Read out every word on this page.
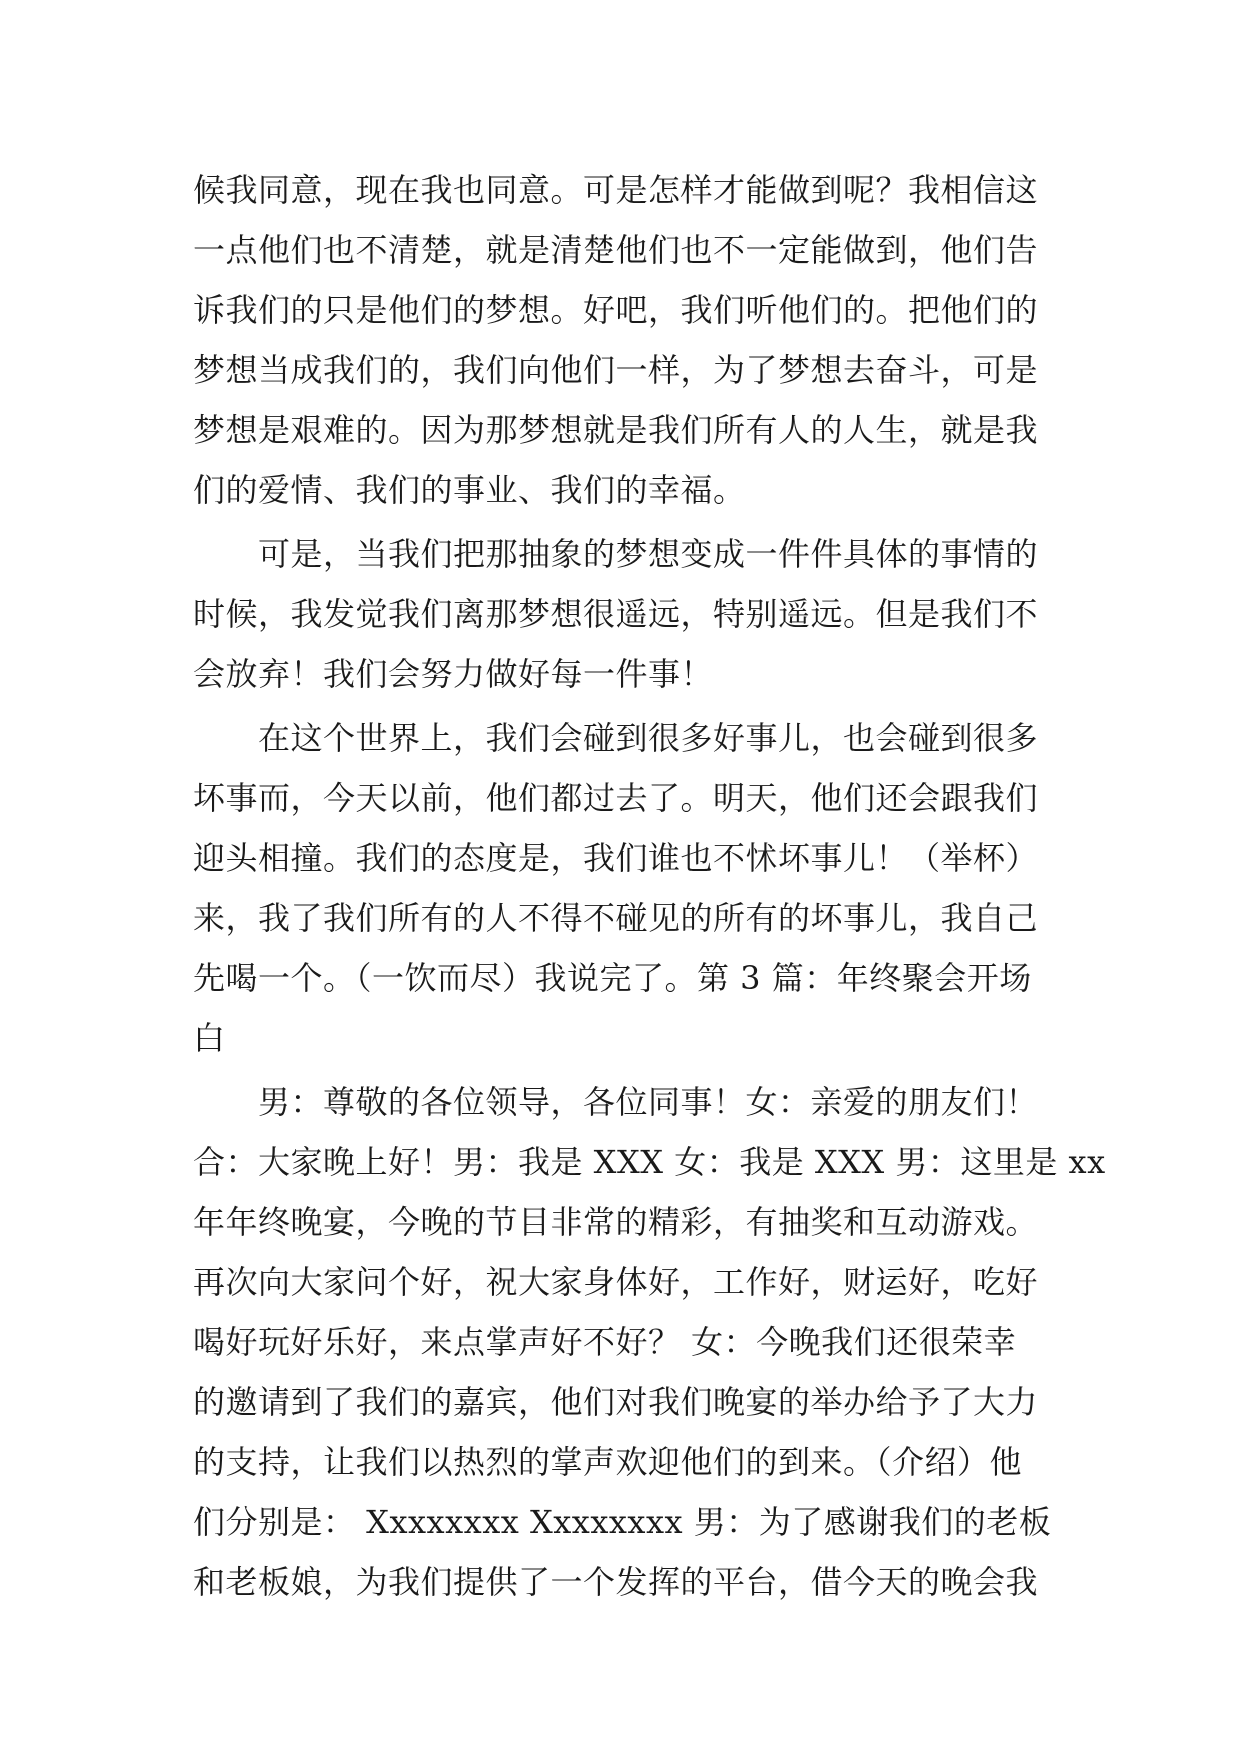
候我同意，现在我也同意。可是怎样才能做到呢？我相信这
一点他们也不清楚，就是清楚他们也不一定能做到，他们告
诉我们的只是他们的梦想。好吧，我们听他们的。把他们的
梦想当成我们的，我们向他们一样，为了梦想去奋斗，可是
梦想是艰难的。因为那梦想就是我们所有人的人生，就是我
们的爱情、我们的事业、我们的幸福。
　　可是，当我们把那抽象的梦想变成一件件具体的事情的
时候，我发觉我们离那梦想很遥远，特别遥远。但是我们不
会放弃！我们会努力做好每一件事！
　　在这个世界上，我们会碰到很多好事儿，也会碰到很多
坏事而，今天以前，他们都过去了。明天，他们还会跟我们
迎头相撞。我们的态度是，我们谁也不怵坏事儿！（举杯）
来，我了我们所有的人不得不碰见的所有的坏事儿，我自己
先喝一个。（一饮而尽）我说完了。第 3 篇：年终聚会开场
白
　　男：尊敬的各位领导，各位同事！女：亲爱的朋友们！
合：大家晚上好！男：我是 XXX 女：我是 XXX 男：这里是 xx
年年终晚宴，今晚的节目非常的精彩，有抽奖和互动游戏。
再次向大家问个好，祝大家身体好，工作好，财运好，吃好
喝好玩好乐好，来点掌声好不好？ 女：今晚我们还很荣幸
的邀请到了我们的嘉宾，他们对我们晚宴的举办给予了大力
的支持，让我们以热烈的掌声欢迎他们的到来。（介绍）他
们分别是： Xxxxxxxx Xxxxxxxx 男：为了感谢我们的老板
和老板娘，为我们提供了一个发挥的平台，借今天的晚会我
